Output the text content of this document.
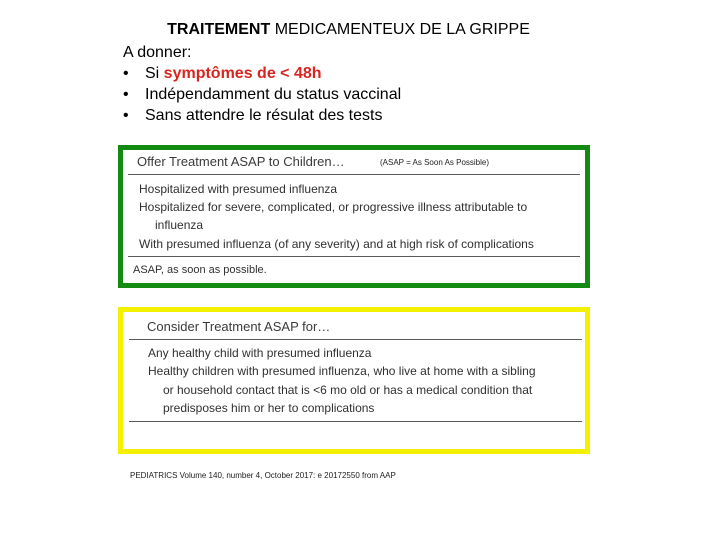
TRAITEMENT MEDICAMENTEUX DE LA GRIPPE
A donner:
• Si symptômes de < 48h
• Indépendamment du status vaccinal
• Sans attendre le résulat des tests
Offer Treatment ASAP to Children…	(ASAP = As Soon As Possible)
Hospitalized with presumed influenza
Hospitalized for severe, complicated, or progressive illness attributable to
influenza
With presumed influenza (of any severity) and at high risk of complications
ASAP, as soon as possible.
Consider Treatment ASAP for…
Any healthy child with presumed influenza
Healthy children with presumed influenza, who live at home with a sibling
or household contact that is <6 mo old or has a medical condition that
predisposes him or her to complications
PEDIATRICS Volume 140, number 4, October 2017: e 20172550 from AAP
